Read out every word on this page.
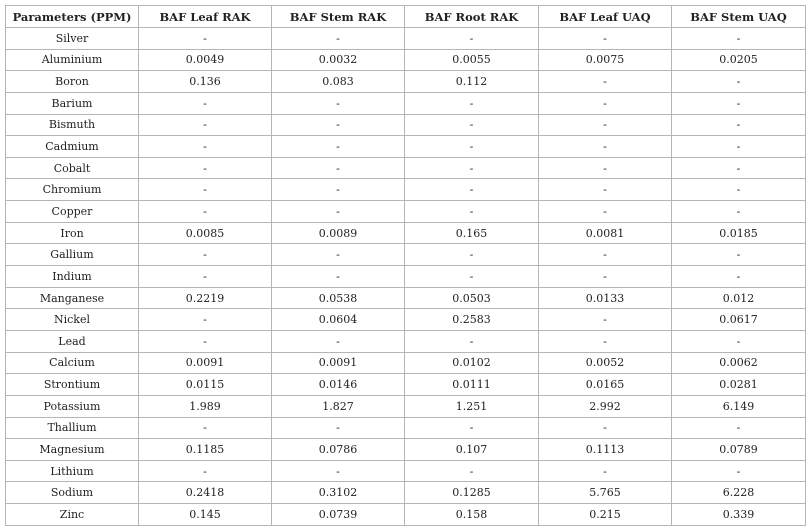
Parameters (PPM)	BAF Leaf RAK	BAF Stem RAK	BAF Root RAK	BAF Leaf UAQ	BAF Stem UAQ
Silver	-	-	-	-	-
Aluminium	0.0049	0.0032	0.0055	0.0075	0.0205
Boron	0.136	0.083	0.112	-	-
Barium	-	-	-	-	-
Bismuth	-	-	-	-	-
Cadmium	-	-	-	-	-
Cobalt	-	-	-	-	-
Chromium	-	-	-	-	-
Copper	-	-	-	-	-
Iron	0.0085	0.0089	0.165	0.0081	0.0185
Gallium	-	-	-	-	-
Indium	-	-	-	-	-
Manganese	0.2219	0.0538	0.0503	0.0133	0.012
Nickel	-	0.0604	0.2583	-	0.0617
Lead	-	-	-	-	-
Calcium	0.0091	0.0091	0.0102	0.0052	0.0062
Strontium	0.0115	0.0146	0.0111	0.0165	0.0281
Potassium	1.989	1.827	1.251	2.992	6.149
Thallium	-	-	-	-	-
Magnesium	0.1185	0.0786	0.107	0.1113	0.0789
Lithium	-	-	-	-	-
Sodium	0.2418	0.3102	0.1285	5.765	6.228
Zinc	0.145	0.0739	0.158	0.215	0.339
